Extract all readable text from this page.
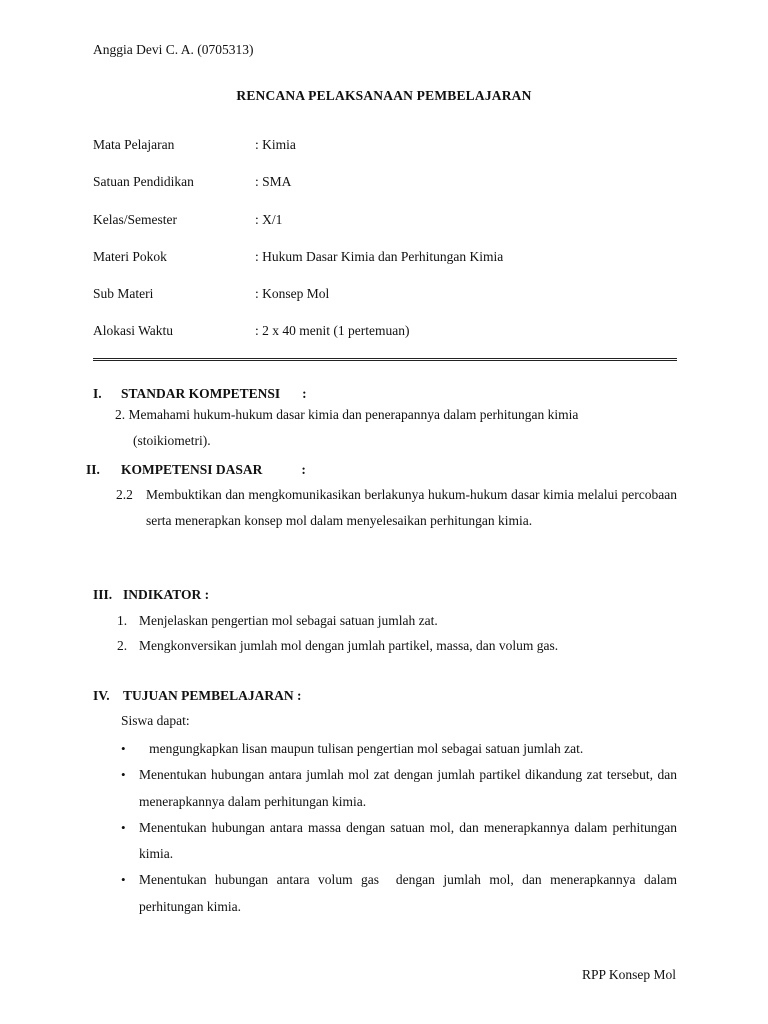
Anggia Devi C. A. (0705313)
RENCANA PELAKSANAAN PEMBELAJARAN
Mata Pelajaran	: Kimia
Satuan Pendidikan	: SMA
Kelas/Semester	: X/1
Materi Pokok	: Hukum Dasar Kimia dan Perhitungan Kimia
Sub Materi	: Konsep Mol
Alokasi Waktu	: 2 x 40 menit (1 pertemuan)
I.	STANDAR KOMPETENSI :
2. Memahami hukum-hukum dasar kimia dan penerapannya dalam perhitungan kimia
(stoikiometri).
II.	KOMPETENSI DASAR	:
2.2 Membuktikan dan mengkomunikasikan berlakunya hukum-hukum dasar kimia melalui percobaan serta menerapkan konsep mol dalam menyelesaikan perhitungan kimia.
III. INDIKATOR :
1. Menjelaskan pengertian mol sebagai satuan jumlah zat.
2. Mengkonversikan jumlah mol dengan jumlah partikel, massa, dan volum gas.
IV. TUJUAN PEMBELAJARAN :
Siswa dapat:
• mengungkapkan lisan maupun tulisan pengertian mol sebagai satuan jumlah zat.
• Menentukan hubungan antara jumlah mol zat dengan jumlah partikel dikandung zat tersebut, dan menerapkannya dalam perhitungan kimia.
• Menentukan hubungan antara massa dengan satuan mol, dan menerapkannya dalam perhitungan kimia.
• Menentukan hubungan antara volum gas  dengan jumlah mol, dan menerapkannya dalam perhitungan kimia.
RPP Konsep Mol
